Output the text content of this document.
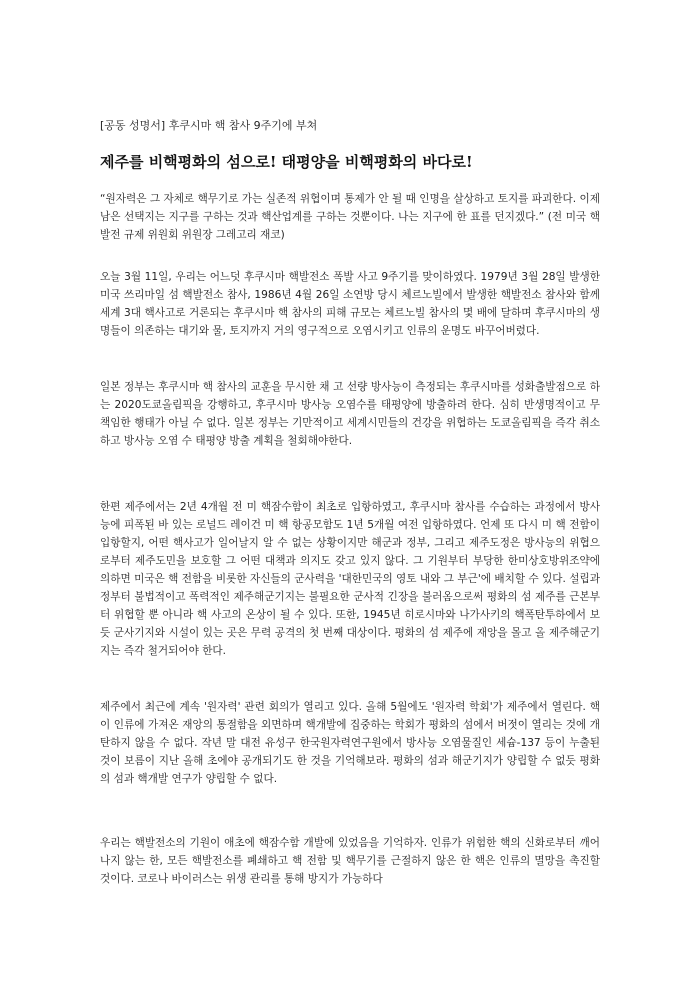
[공동 성명서] 후쿠시마 핵 참사 9주기에 부쳐
제주를 비핵평화의 섬으로! 태평양을 비핵평화의 바다로!
“원자력은 그 자체로 핵무기로 가는 실존적 위협이며 통제가 안 될 때 인명을 살상하고 토지를 파괴한다. 이제 남은 선택지는 지구를 구하는 것과 핵산업계를 구하는 것뿐이다. 나는 지구에 한 표를 던지겠다.” (전 미국 핵 발전 규제 위원회 위원장 그레고리 재코)
오늘 3월 11일, 우리는 어느덧 후쿠시마 핵발전소 폭발 사고 9주기를 맞이하였다. 1979년 3월 28일 발생한 미국 쓰리마일 섬 핵발전소 참사, 1986년 4월 26일 소연방 당시 체르노빌에서 발생한 핵발전소 참사와 함께 세계 3대 핵사고로 거론되는 후쿠시마 핵 참사의 피해 규모는 체르노빌 참사의 몇 배에 달하며 후쿠시마의 생명들이 의존하는 대기와 물, 토지까지 거의 영구적으로 오염시키고 인류의 운명도 바꾸어버렸다.
일본 정부는 후쿠시마 핵 참사의 교훈을 무시한 채 고 선량 방사능이 측정되는 후쿠시마를 성화출발점으로 하는 2020도쿄올림픽을 강행하고, 후쿠시마 방사능 오염수를 태평양에 방출하려 한다. 심히 반생명적이고 무책임한 행태가 아닐 수 없다. 일본 정부는 기만적이고 세계시민들의 건강을 위협하는 도쿄올림픽을 즉각 취소하고 방사능 오염 수 태평양 방출 계획을 철회해야한다.
한편 제주에서는 2년 4개월 전 미 핵잠수함이 최초로 입항하였고, 후쿠시마 참사를 수습하는 과정에서 방사능에 피폭된 바 있는 로널드 레이건 미 핵 항공모함도 1년 5개월 여전 입항하였다. 언제 또 다시 미 핵 전함이 입항할지, 어떤 핵사고가 일어날지 알 수 없는 상황이지만 해군과 정부, 그리고 제주도정은 방사능의 위협으로부터 제주도민을 보호할 그 어떤 대책과 의지도 갖고 있지 않다. 그 기원부터 부당한 한미상호방위조약에 의하면 미국은 핵 전함을 비롯한 자신들의 군사력을 '대한민국의 영토 내와 그 부근'에 배치할 수 있다. 설립과정부터 불법적이고 폭력적인 제주해군기지는 불필요한 군사적 긴장을 불러옴으로써 평화의 섬 제주를 근본부터 위협할 뿐 아니라 핵 사고의 온상이 될 수 있다. 또한, 1945년 히로시마와 나가사키의 핵폭탄투하에서 보듯 군사기지와 시설이 있는 곳은 무력 공격의 첫 번째 대상이다. 평화의 섬 제주에 재앙을 몰고 올 제주해군기지는 즉각 철거되어야 한다.
제주에서 최근에 계속 '원자력' 관련 회의가 열리고 있다. 올해 5월에도 '원자력 학회'가 제주에서 열린다. 핵이 인류에 가져온 재앙의 통절함을 외면하며 핵개발에 집중하는 학회가 평화의 섬에서 버젓이 열리는 것에 개탄하지 않을 수 없다. 작년 말 대전 유성구 한국원자력연구원에서 방사능 오염물질인 세슘-137 등이 누출된 것이 보름이 지난 올해 초에야 공개되기도 한 것을 기억해보라. 평화의 섬과 해군기지가 양립할 수 없듯 평화의 섬과 핵개발 연구가 양립할 수 없다.
우리는 핵발전소의 기원이 애초에 핵잠수함 개발에 있었음을 기억하자. 인류가 위험한 핵의 신화로부터 깨어나지 않는 한, 모든 핵발전소를 폐쇄하고 핵 전함 및 핵무기를 근절하지 않은 한 핵은 인류의 멸망을 촉진할 것이다. 코로나 바이러스는 위생 관리를 통해 방지가 가능하다
